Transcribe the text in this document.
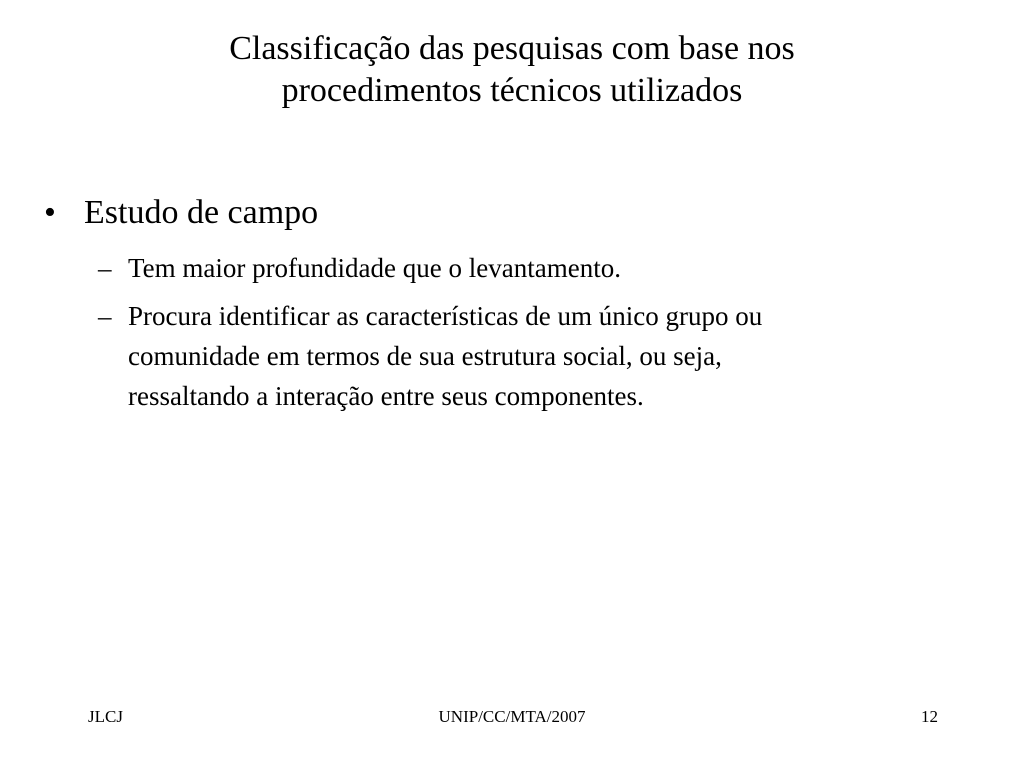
Classificação das pesquisas com base nos
procedimentos técnicos utilizados
• Estudo de campo
– Tem maior profundidade que o levantamento.
– Procura identificar as características de um único grupo ou
comunidade em termos de sua estrutura social, ou seja,
ressaltando a interação entre seus componentes.
JLCJ	UNIP/CC/MTA/2007	12
